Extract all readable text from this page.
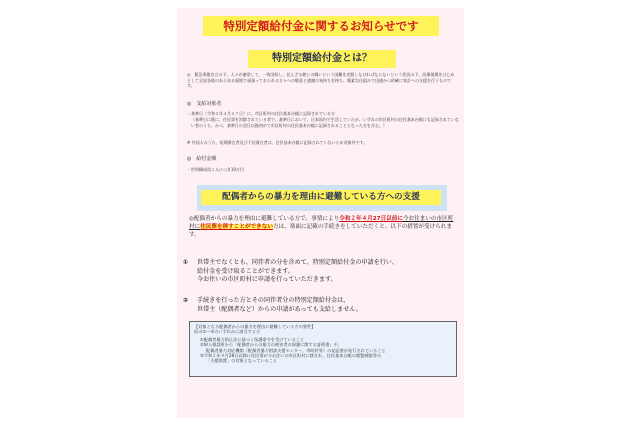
特別定額給付金に関するお知らせです
特別定額給付金とは？
◎　緊急事態宣言の下、人々が連帯して、一致団結し、見えざる敵との闘いという国難を克服しなければならないという状況の下、医療現場をはじめとして全国各地のあらゆる現場で頑張っておられる方々への敬意と感謝の気持ちを持ち、簡素な仕組みで迅速かつ的確に家計への支援を行うものです。
◎　支給対象者
・基準日（令和２年４月２７日）に、市区町村の住民基本台帳に記録されている方
（基準日に既に、住民票を消除されている者で、基準日において、日本国内で生活していたが、いずれの市区町村の住民基本台帳にも記録されていない者のうち、かつ、基準日の翌日以後初めて市区町村の住民基本台帳に記録されることとなった方を含む。）
※ 外国人のうち、短期滞在者及び不法滞在者は、住民基本台帳に記録されていないため対象外です。
◎　給付金額
・世帯構成員１人につき10万円
配偶者からの暴力を理由に避難している方への支援
◎配偶者からの暴力を理由に避難している方で、事情により令和２年４月27日以前に今お住まいの市区町村に住民票を移すことができない方は、楽面に記載の手続きをしていただくと、以下の措置が受けられます。
① 世帯主でなくとも、同伴者の分を含めて、特別定額給付金の申請を行い、
給付金を受け取ることができます。
今お住いの市区町村に申請を行っていただきます。
② 手続きを行った方とその同伴者分の特別定額給付金は、
世帯主（配偶者など）からの申請があっても支給しません。
【対象となる配偶者からの暴力を理由に避難している方の要件】
次の①～③のいずれかに該当する方
①配偶者暴力防止法に基づく保護命令を受けていること
②婦人相談所から「配偶者からの暴力の被害者の保護に関する証明書」や、
配偶者暴力対応機関（配偶者暴力相談支援センター、市町村等）の発証書が発行されていること
③令和２年４月28日以降に住民票が今お住いの市区町村に移され、住民基本台帳の閲覧制限等の
「支援措置」の対象となっていること
